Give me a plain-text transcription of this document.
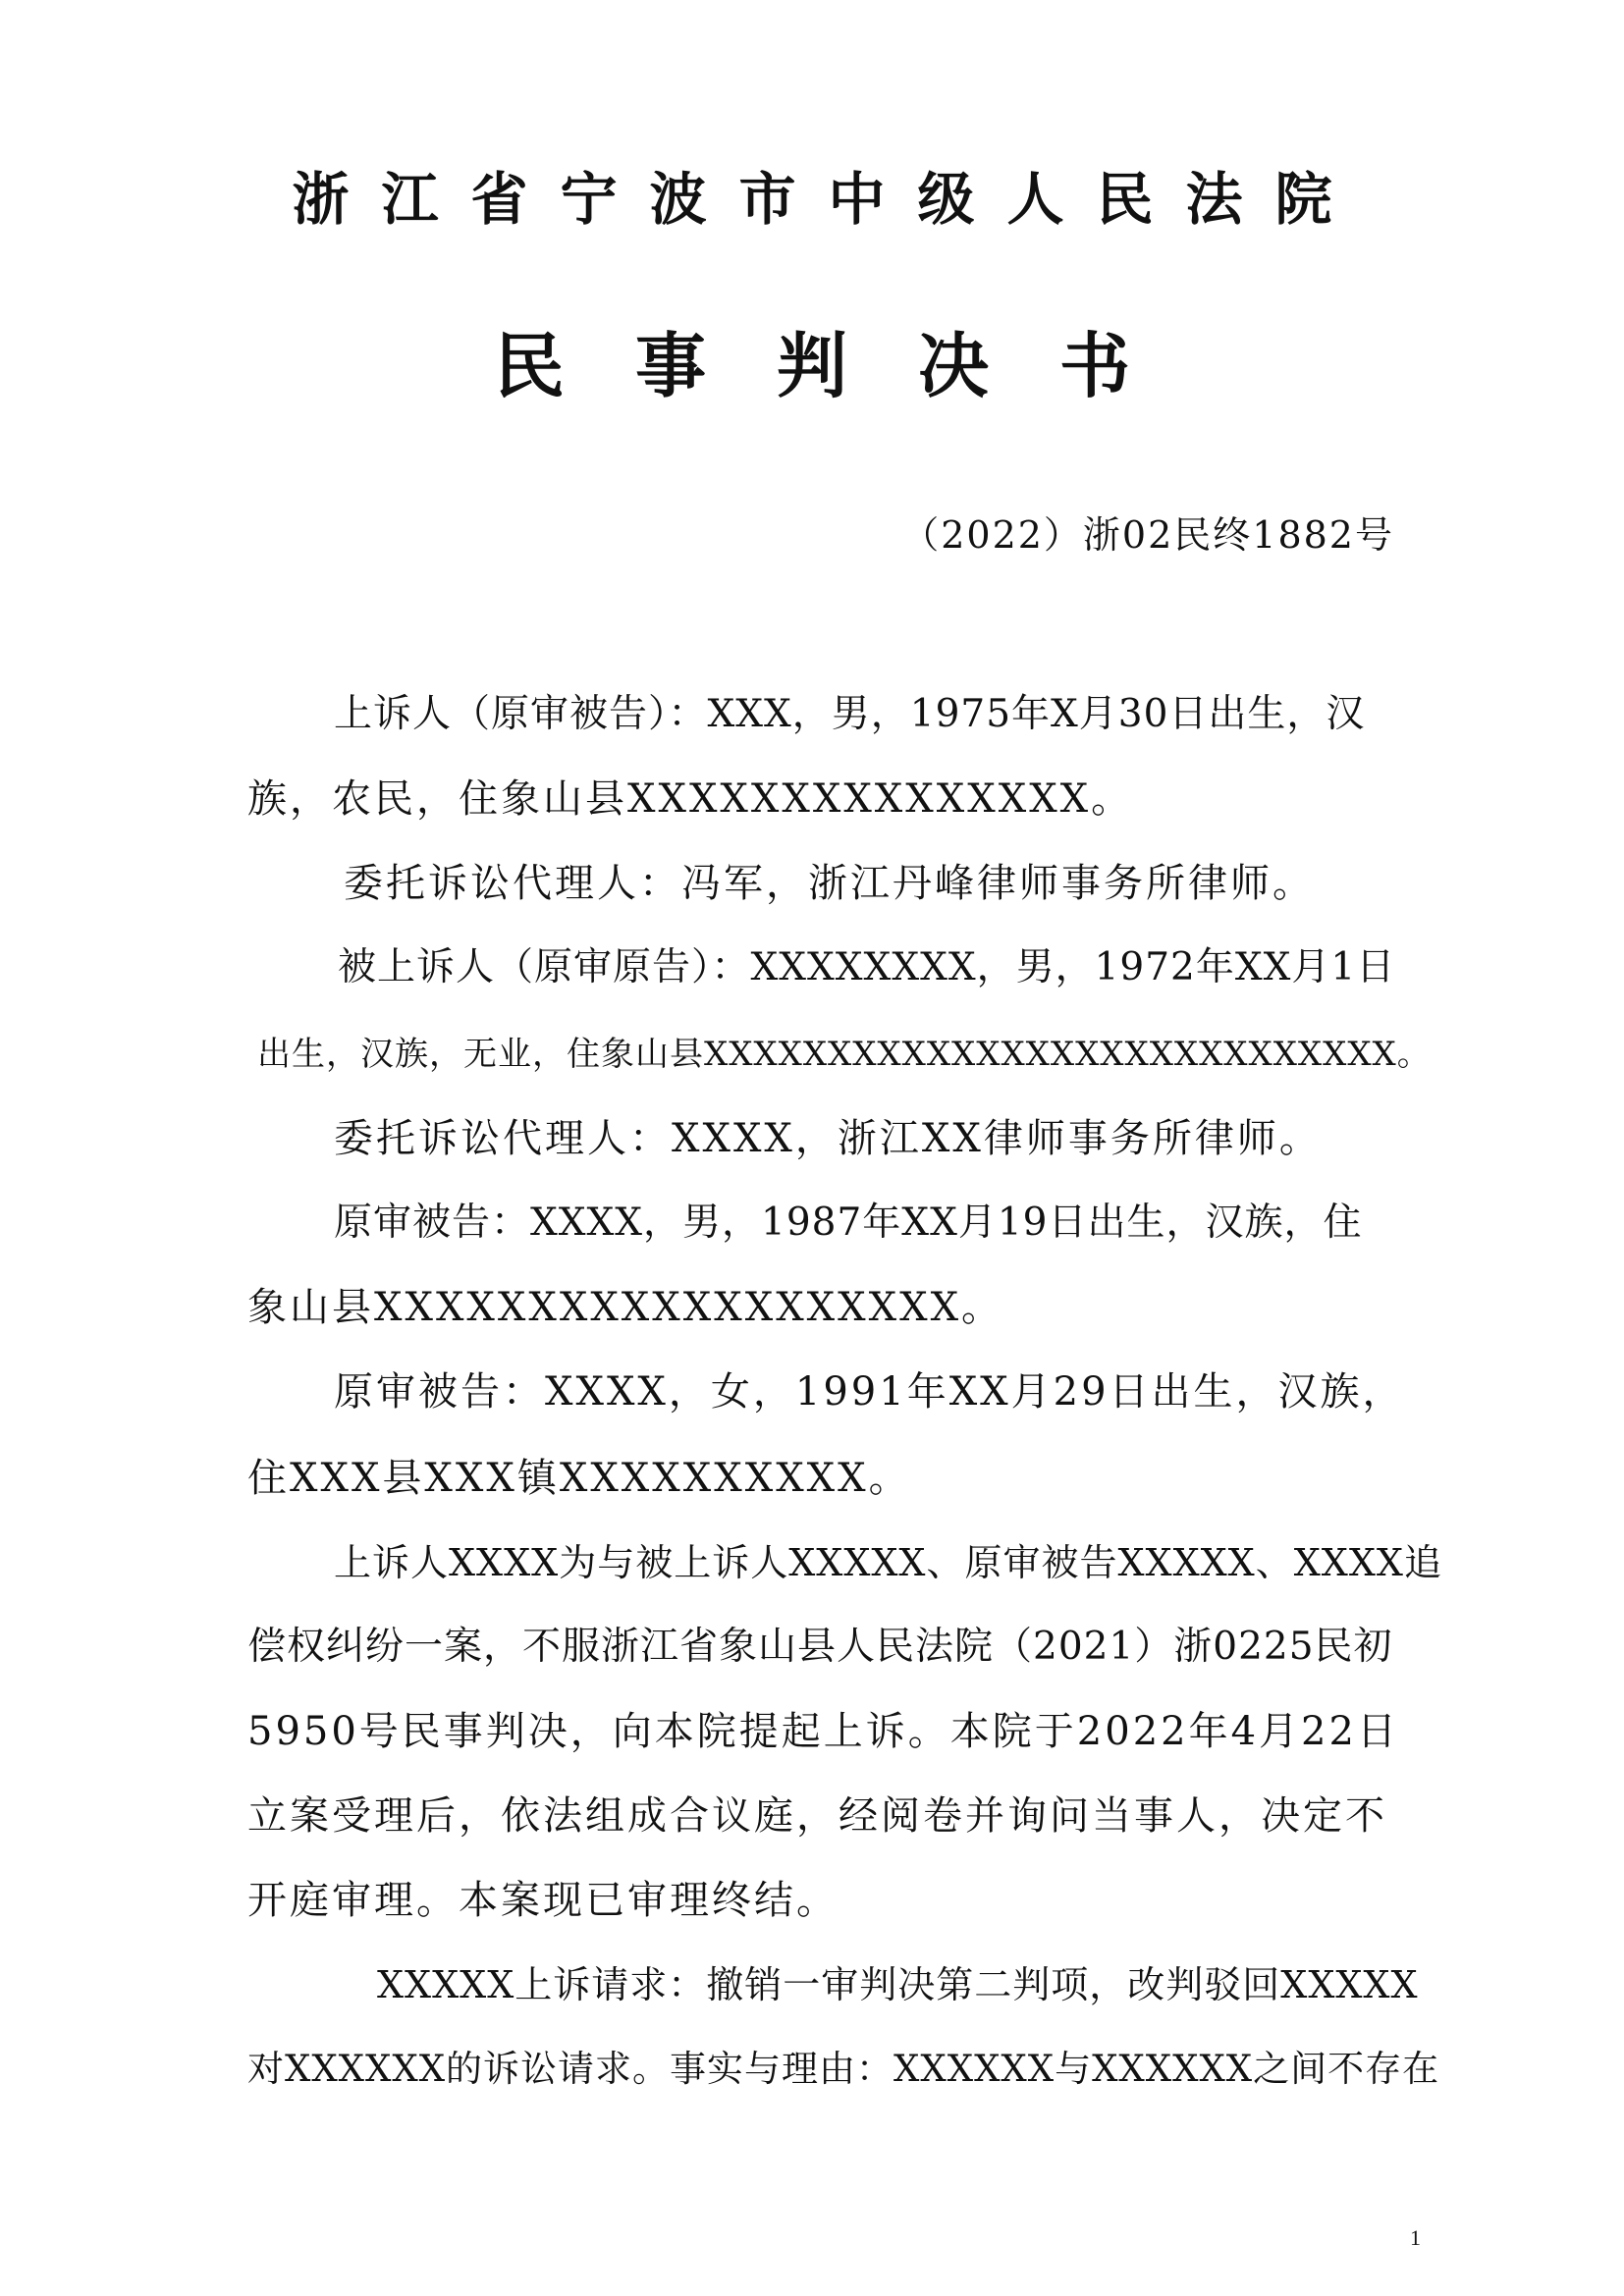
浙江省宁波市中级人民法院
民事判决书
（2022）浙02民终1882号

上诉人（原审被告）：XXX，男，1975年X月30日出生，汉

族，农民，住象山县XXXXXXXXXXXXXXX。

委托诉讼代理人：冯军，浙江丹峰律师事务所律师。

被上诉人（原审原告）：XXXXXXXX，男，1972年XX月1日

出生，汉族，无业，住象山县XXXXXXXXXXXXXXXXXXXXXXXXXXXX。

委托诉讼代理人：XXXX，浙江XX律师事务所律师。

原审被告：XXXX，男，1987年XX月19日出生，汉族，住

象山县XXXXXXXXXXXXXXXXXXX。

原审被告：XXXX，女，1991年XX月29日出生，汉族，

住XXX县XXX镇XXXXXXXXXX。

上诉人XXXX为与被上诉人XXXXX、原审被告XXXXX、XXXX追

偿权纠纷一案，不服浙江省象山县人民法院（2021）浙0225民初

5950号民事判决，向本院提起上诉。本院于2022年4月22日

立案受理后，依法组成合议庭，经阅卷并询问当事人，决定不

开庭审理。本案现已审理终结。

XXXXX上诉请求：撤销一审判决第二判项，改判驳回XXXXX

对XXXXXX的诉讼请求。事实与理由：XXXXXX与XXXXXX之间不存在

1
